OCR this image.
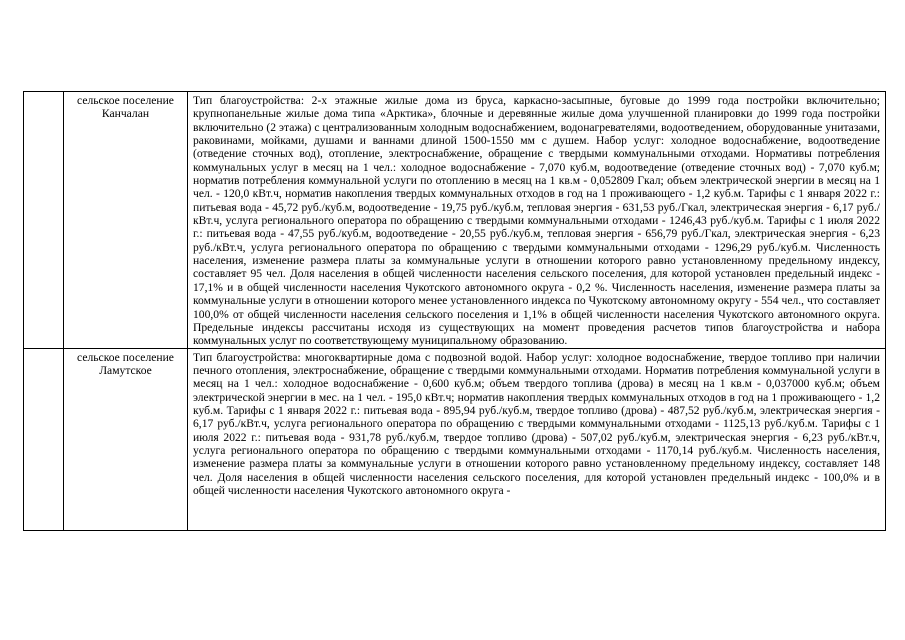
	сельское поселение Канчалан	Тип благоустройства: 2-х этажные жилые дома из бруса, каркасно-засыпные, буговые до 1999 года постройки включительно; крупнопанельные жилые дома типа «Арктика», блочные и деревянные жилые дома улучшенной планировки до 1999 года постройки включительно (2 этажа) с централизованным холодным водоснабжением, водонагревателями, водоотведением, оборудованные унитазами, раковинами, мойками, душами и ваннами длиной 1500-1550 мм с душем. Набор услуг: холодное водоснабжение, водоотведение (отведение сточных вод), отопление, электроснабжение, обращение с твердыми коммунальными отходами. Нормативы потребления коммунальных услуг в месяц на 1 чел.: холодное водоснабжение - 7,070 куб.м, водоотведение (отведение сточных вод) - 7,070 куб.м; норматив потребления коммунальной услуги по отоплению в месяц на 1 кв.м - 0,052809 Гкал; объем электрической энергии в месяц на 1 чел. - 120,0 кВт.ч, норматив накопления твердых коммунальных отходов в год на 1 проживающего - 1,2 куб.м. Тарифы с 1 января 2022 г.: питьевая вода - 45,72 руб./куб.м, водоотведение - 19,75 руб./куб.м, тепловая энергия - 631,53 руб./Гкал, электрическая энергия - 6,17 руб./кВт.ч, услуга регионального оператора по обращению с твердыми коммунальными отходами - 1246,43 руб./куб.м. Тарифы с 1 июля 2022 г.: питьевая вода - 47,55 руб./куб.м, водоотведение - 20,55 руб./куб.м, тепловая энергия - 656,79 руб./Гкал, электрическая энергия - 6,23 руб./кВт.ч, услуга регионального оператора по обращению с твердыми коммунальными отходами - 1296,29 руб./куб.м. Численность населения, изменение размера платы за коммунальные услуги в отношении которого равно установленному предельному индексу, составляет 95 чел. Доля населения в общей численности населения сельского поселения, для которой установлен предельный индекс - 17,1% и в общей численности населения Чукотского автономного округа - 0,2 %. Численность населения, изменение размера платы за коммунальные услуги в отношении которого менее установленного индекса по Чукотскому автономному округу - 554 чел., что составляет 100,0% от общей численности населения сельского поселения и 1,1% в общей численности населения Чукотского автономного округа. Предельные индексы рассчитаны исходя из существующих на момент проведения расчетов типов благоустройства и набора коммунальных услуг по соответствующему муниципальному образованию.
	сельское поселение Ламутское	Тип благоустройства: многоквартирные дома с подвозной водой. Набор услуг: холодное водоснабжение, твердое топливо при наличии печного отопления, электроснабжение, обращение с твердыми коммунальными отходами. Норматив потребления коммунальной услуги в месяц на 1 чел.: холодное водоснабжение - 0,600 куб.м; объем твердого топлива (дрова) в месяц на 1 кв.м - 0,037000 куб.м; объем электрической энергии в мес. на 1 чел. - 195,0 кВт.ч; норматив накопления твердых коммунальных отходов в год на 1 проживающего - 1,2 куб.м. Тарифы с 1 января 2022 г.: питьевая вода - 895,94 руб./куб.м, твердое топливо (дрова) - 487,52 руб./куб.м, электрическая энергия - 6,17 руб./кВт.ч, услуга регионального оператора по обращению с твердыми коммунальными отходами - 1125,13 руб./куб.м. Тарифы с 1 июля 2022 г.: питьевая вода - 931,78 руб./куб.м, твердое топливо (дрова) - 507,02 руб./куб.м, электрическая энергия - 6,23 руб./кВт.ч, услуга регионального оператора по обращению с твердыми коммунальными отходами - 1170,14 руб./куб.м. Численность населения, изменение размера платы за коммунальные услуги в отношении которого равно установленному предельному индексу, составляет 148 чел. Доля населения в общей численности населения сельского поселения, для которой установлен предельный индекс - 100,0% и в общей численности населения Чукотского автономного округа -
